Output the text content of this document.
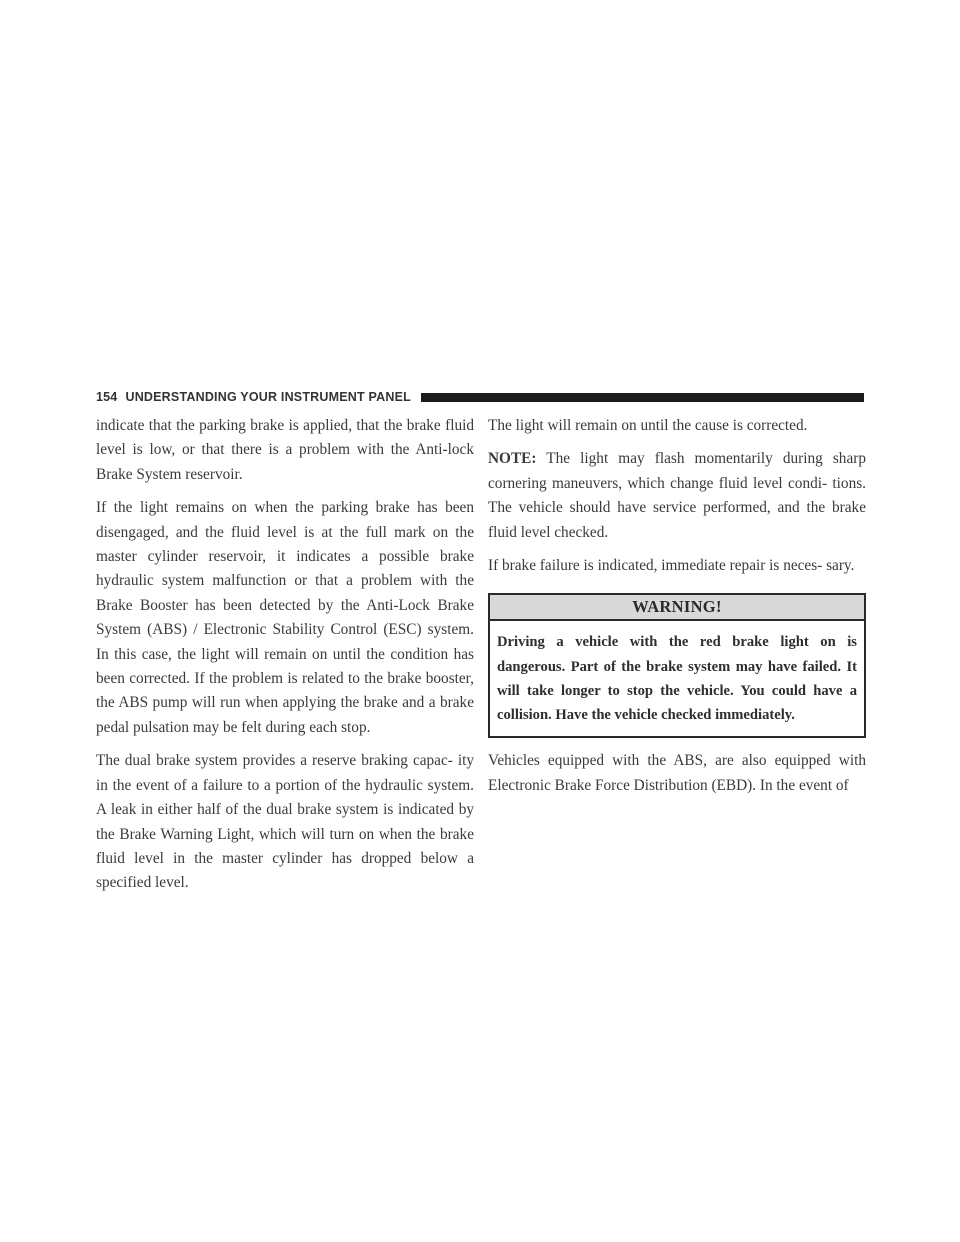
154 UNDERSTANDING YOUR INSTRUMENT PANEL

indicate that the parking brake is applied, that the brake fluid level is low, or that there is a problem with the Anti-lock Brake System reservoir.

If the light remains on when the parking brake has been disengaged, and the fluid level is at the full mark on the master cylinder reservoir, it indicates a possible brake hydraulic system malfunction or that a problem with the Brake Booster has been detected by the Anti-Lock Brake System (ABS) / Electronic Stability Control (ESC) system. In this case, the light will remain on until the condition has been corrected. If the problem is related to the brake booster, the ABS pump will run when applying the brake and a brake pedal pulsation may be felt during each stop.

The dual brake system provides a reserve braking capac- ity in the event of a failure to a portion of the hydraulic system. A leak in either half of the dual brake system is indicated by the Brake Warning Light, which will turn on when the brake fluid level in the master cylinder has dropped below a specified level.

The light will remain on until the cause is corrected.

NOTE: The light may flash momentarily during sharp cornering maneuvers, which change fluid level condi- tions. The vehicle should have service performed, and the brake fluid level checked.

If brake failure is indicated, immediate repair is neces- sary.

WARNING!
Driving a vehicle with the red brake light on is dangerous. Part of the brake system may have failed. It will take longer to stop the vehicle. You could have a collision. Have the vehicle checked immediately.

Vehicles equipped with the ABS, are also equipped with Electronic Brake Force Distribution (EBD). In the event of
